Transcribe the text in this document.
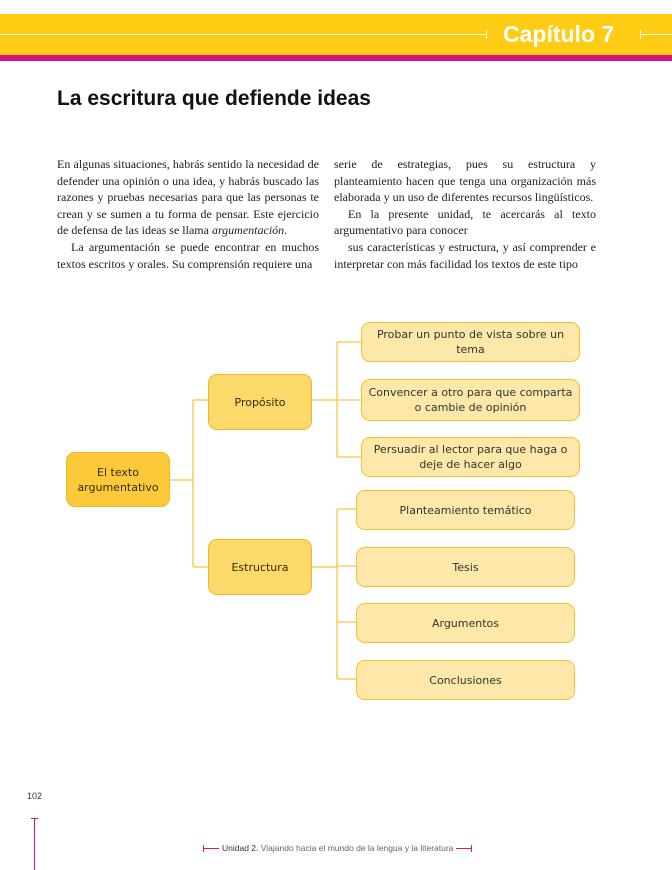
Capítulo 7
La escritura que defiende ideas

En algunas situaciones, habrás sentido la necesidad de defender una opinión o una idea, y habrás buscado las razones y pruebas necesarias para que las personas te crean y se sumen a tu forma de pensar. Este ejercicio de defensa de las ideas se llama argumentación.

La argumentación se puede encontrar en muchos textos escritos y orales. Su comprensión requiere una

serie de estrategias, pues su estructura y planteamiento hacen que tenga una organización más elaborada y un uso de diferentes recursos lingüísticos.

En la presente unidad, te acercarás al texto argumentativo para conocer

sus características y estructura, y así comprender e interpretar con más facilidad los textos de este tipo

El texto argumentativo
Propósito
Estructura
Probar un punto de vista sobre un tema
Convencer a otro para que comparta o cambie de opinión
Persuadir al lector para que haga o deje de hacer algo
Planteamiento temático
Tesis
Argumentos
Conclusiones
102
Unidad 2.
Viajando hacia el mundo de la lengua y la literatura
